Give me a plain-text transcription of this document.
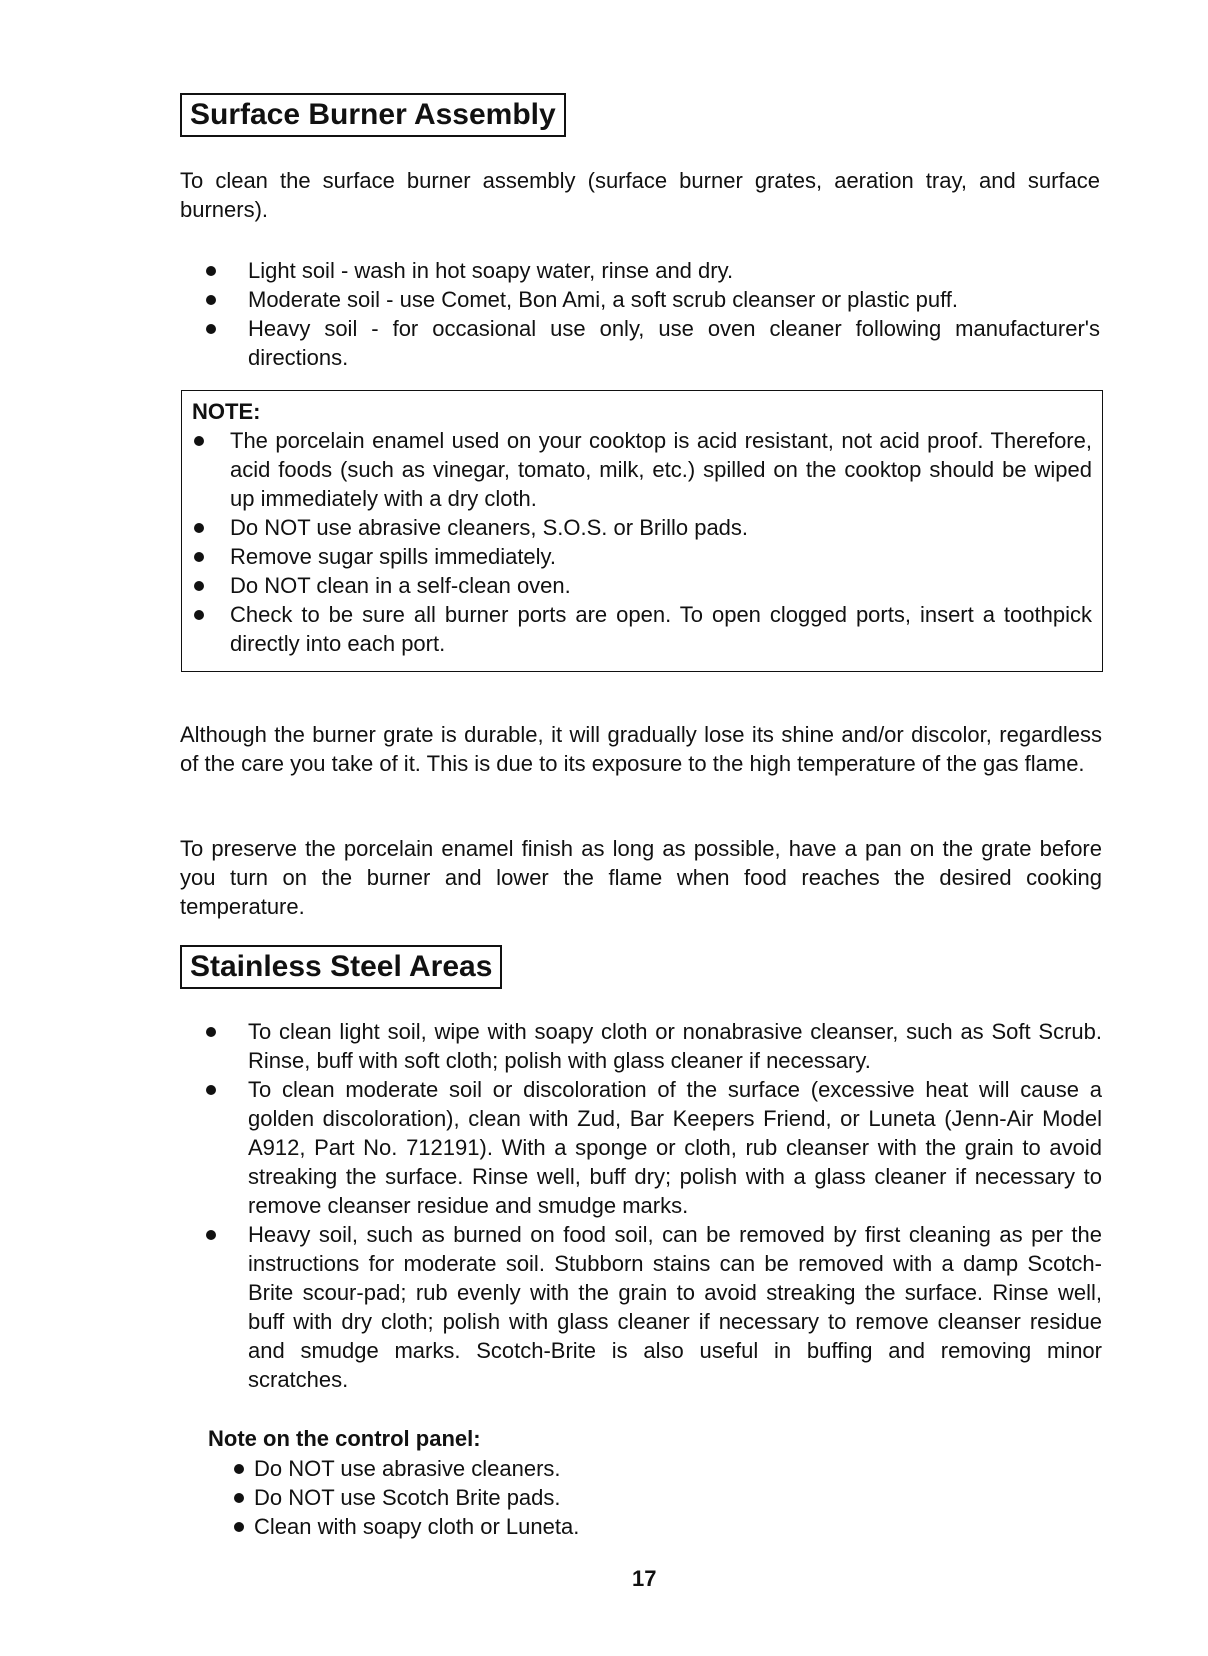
Surface Burner Assembly

To clean the surface burner assembly (surface burner grates, aeration tray, and surface burners).

Light soil - wash in hot soapy water, rinse and dry.
Moderate soil - use Comet, Bon Ami, a soft scrub cleanser or plastic puff.
Heavy soil - for occasional use only, use oven cleaner following manufacturer's directions.
NOTE:
The porcelain enamel used on your cooktop is acid resistant, not acid proof. Therefore, acid foods (such as vinegar, tomato, milk, etc.) spilled on the cooktop should be wiped up immediately with a dry cloth.
Do NOT use abrasive cleaners, S.O.S. or Brillo pads.
Remove sugar spills immediately.
Do NOT clean in a self-clean oven.
Check to be sure all burner ports are open. To open clogged ports, insert a toothpick directly into each port.

Although the burner grate is durable, it will gradually lose its shine and/or discolor, regardless of the care you take of it. This is due to its exposure to the high temperature of the gas flame.

To preserve the porcelain enamel finish as long as possible, have a pan on the grate before you turn on the burner and lower the flame when food reaches the desired cooking temperature.

Stainless Steel Areas
To clean light soil, wipe with soapy cloth or nonabrasive cleanser, such as Soft Scrub. Rinse, buff with soft cloth; polish with glass cleaner if necessary.
To clean moderate soil or discoloration of the surface (excessive heat will cause a golden discoloration), clean with Zud, Bar Keepers Friend, or Luneta (Jenn-Air Model A912, Part No. 712191). With a sponge or cloth, rub cleanser with the grain to avoid streaking the surface. Rinse well, buff dry; polish with a glass cleaner if necessary to remove cleanser residue and smudge marks.
Heavy soil, such as burned on food soil, can be removed by first cleaning as per the instructions for moderate soil. Stubborn stains can be removed with a damp Scotch-Brite scour-pad; rub evenly with the grain to avoid streaking the surface. Rinse well, buff with dry cloth; polish with glass cleaner if necessary to remove cleanser residue and smudge marks. Scotch-Brite is also useful in buffing and removing minor scratches.
Note on the control panel:
Do NOT use abrasive cleaners.
Do NOT use Scotch Brite pads.
Clean with soapy cloth or Luneta.
17
